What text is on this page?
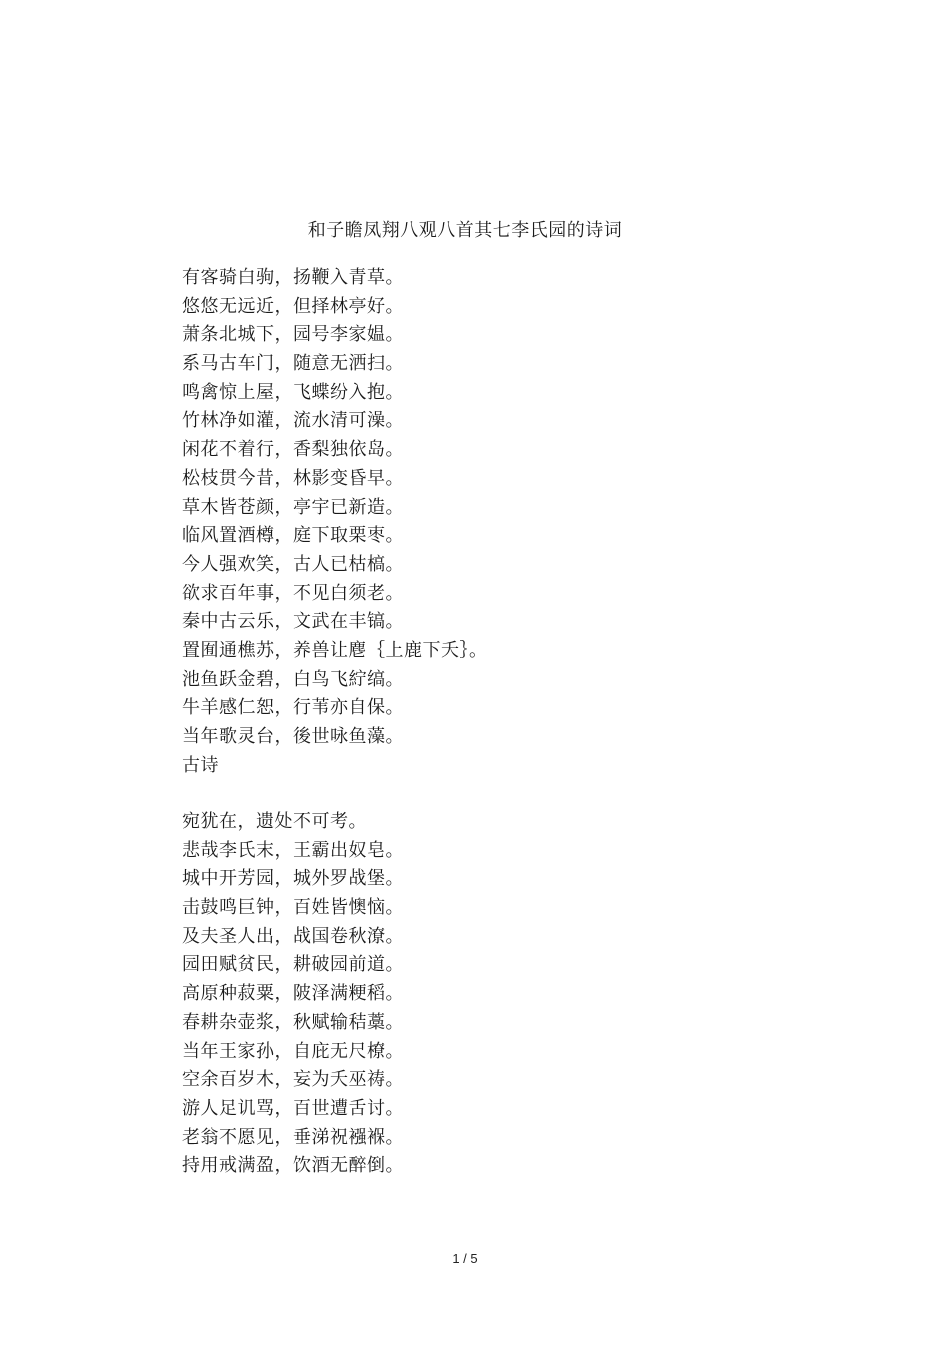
和子瞻凤翔八观八首其七李氏园的诗词
有客骑白驹，扬鞭入青草。
悠悠无远近，但择林亭好。
萧条北城下，园号李家媪。
系马古车门，随意无洒扫。
鸣禽惊上屋，飞蝶纷入抱。
竹林净如灌，流水清可澡。
闲花不着行，香梨独依岛。
松枝贯今昔，林影变昏早。
草木皆苍颜，亭宇已新造。
临风置酒樽，庭下取栗枣。
今人强欢笑，古人已枯槁。
欲求百年事，不见白须老。
秦中古云乐，文武在丰镐。
置囿通樵苏，养兽让麀｛上鹿下夭｝。
池鱼跃金碧，白鸟飞紵缟。
牛羊感仁恕，行苇亦自保。
当年歌灵台，後世咏鱼藻。
古诗
宛犹在，遗处不可考。
悲哉李氏末，王霸出奴皂。
城中开芳园，城外罗战堡。
击鼓鸣巨钟，百姓皆懊恼。
及夫圣人出，战国卷秋潦。
园田赋贫民，耕破园前道。
高原种菽粟，陂泽满粳稻。
春耕杂壶浆，秋赋输秸藁。
当年王家孙，自庇无尺橑。
空余百岁木，妄为夭巫祷。
游人足讥骂，百世遭舌讨。
老翁不愿见，垂涕祝襁褓。
持用戒满盈，饮酒无醉倒。
1 / 5
